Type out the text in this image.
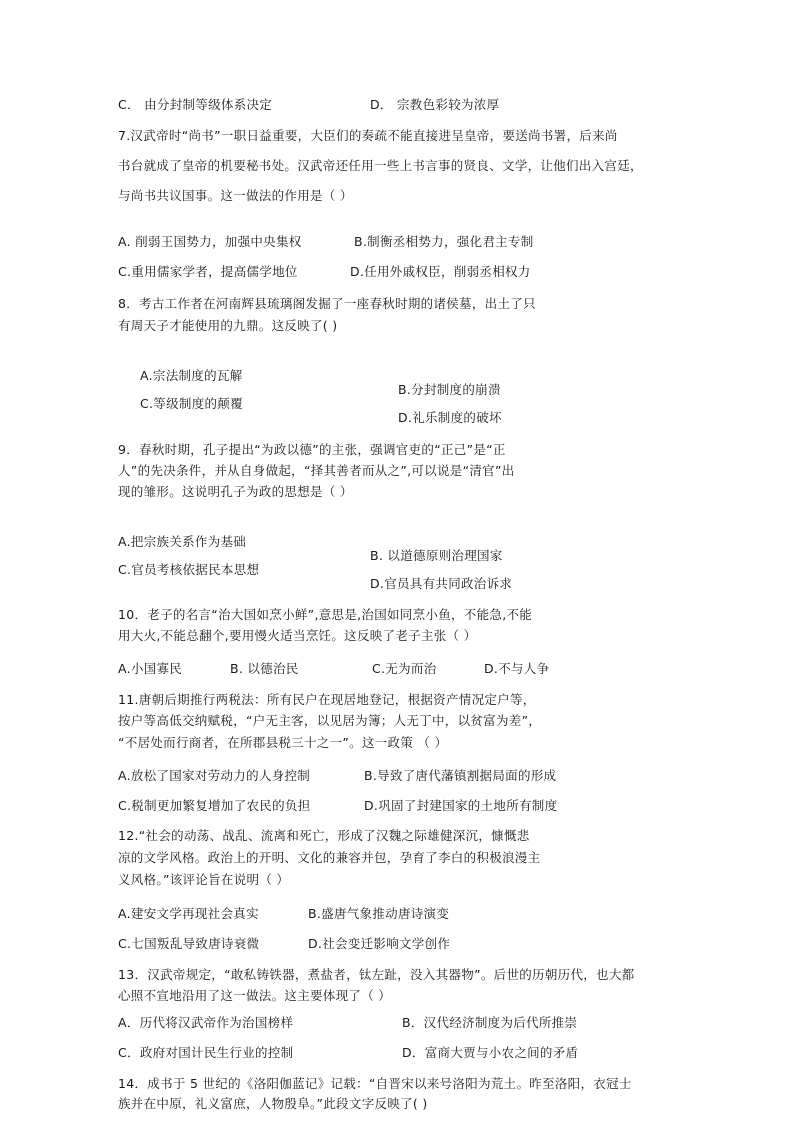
C． 由分封制等级体系决定	D． 宗教色彩较为浓厚
7.汉武帝时“尚书”一职日益重要，大臣们的奏疏不能直接进呈皇帝，要送尚书署，后来尚
书台就成了皇帝的机要秘书处。汉武帝还任用一些上书言事的贤良、文学，让他们出入宫廷，
与尚书共议国事。这一做法的作用是（ ）
A. 削弱王国势力，加强中央集权	B.制衡丞相势力，强化君主专制
C.重用儒家学者，提高儒学地位	D.任用外戚权臣，削弱丞相权力
8．考古工作者在河南辉县琉璃阁发掘了一座春秋时期的诸侯墓，出土了只
有周天子才能使用的九鼎。这反映了( )
A.宗法制度的瓦解
B.分封制度的崩溃
C.等级制度的颠覆
D.礼乐制度的破坏
9．春秋时期，孔子提出“为政以德”的主张，强调官吏的“正己”是“正
人”的先决条件，并从自身做起，“择其善者而从之”,可以说是“清官”出
现的雏形。这说明孔子为政的思想是（ ）
A.把宗族关系作为基础
B. 以道德原则治理国家
C.官员考核依据民本思想
D.官员具有共同政治诉求
10．老子的名言“治大国如烹小鲜”,意思是,治国如同烹小鱼，不能急,不能
用大火,不能总翻个,要用慢火适当烹饪。这反映了老子主张（ ）
A.小国寡民	B. 以德治民	C.无为而治	D.不与人争
11.唐朝后期推行两税法：所有民户在现居地登记，根据资产情况定户等，
按户等高低交纳赋税，“户无主客，以见居为簿；人无丁中，以贫富为差”，
“不居处而行商者，在所郡县税三十之一”。这一政策 （ ）
A.放松了国家对劳动力的人身控制	B.导致了唐代藩镇割据局面的形成
C.税制更加繁复增加了农民的负担	D.巩固了封建国家的土地所有制度
12.“社会的动荡、战乱、流离和死亡，形成了汉魏之际雄健深沉，慷慨悲
凉的文学风格。政治上的开明、文化的兼容并包，孕育了李白的积极浪漫主
义风格。”该评论旨在说明（ ）
A.建安文学再现社会真实	B.盛唐气象推动唐诗演变
C.七国叛乱导致唐诗衰微	D.社会变迁影响文学创作
13．汉武帝规定，“敢私铸铁器，煮盐者，钛左趾，没入其器物”。后世的历朝历代，也大都
心照不宣地沿用了这一做法。这主要体现了（ ）
A．历代将汉武帝作为治国榜样	B．汉代经济制度为后代所推崇
C．政府对国计民生行业的控制	D．富商大贾与小农之间的矛盾
14．成书于 5 世纪的《洛阳伽蓝记》记载：“自晋宋以来号洛阳为荒土。昨至洛阳，衣冠士
族并在中原，礼义富庶，人物殷阜。”此段文字反映了( )
